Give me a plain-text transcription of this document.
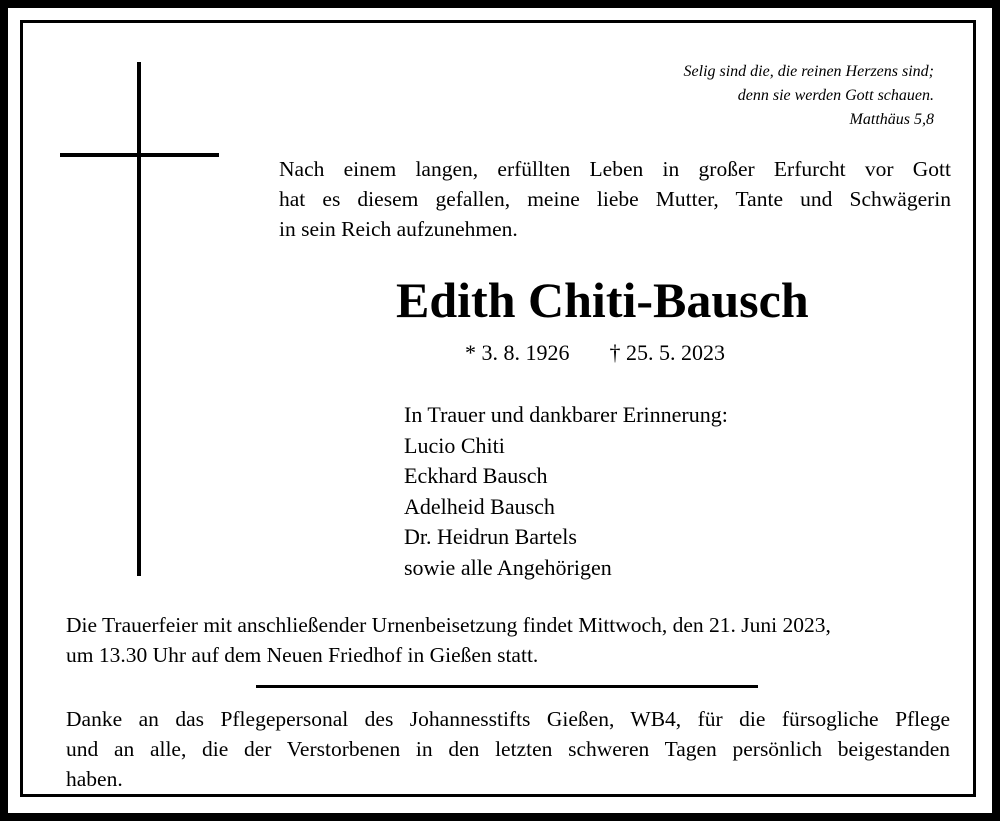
Selig sind die, die reinen Herzens sind;
denn sie werden Gott schauen.
Matthäus 5,8
Nach einem langen, erfüllten Leben in großer Erfurcht vor Gott
hat es diesem gefallen, meine liebe Mutter, Tante und Schwägerin
in sein Reich aufzunehmen.
Edith Chiti-Bausch
* 3. 8. 1926 † 25. 5. 2023
In Trauer und dankbarer Erinnerung:
Lucio Chiti
Eckhard Bausch
Adelheid Bausch
Dr. Heidrun Bartels
sowie alle Angehörigen
Die Trauerfeier mit anschließender Urnenbeisetzung findet Mittwoch, den 21. Juni 2023,
um 13.30 Uhr auf dem Neuen Friedhof in Gießen statt.
Danke an das Pflegepersonal des Johannesstifts Gießen, WB4, für die fürsogliche Pflege
und an alle, die der Verstorbenen in den letzten schweren Tagen persönlich beigestanden
haben.
